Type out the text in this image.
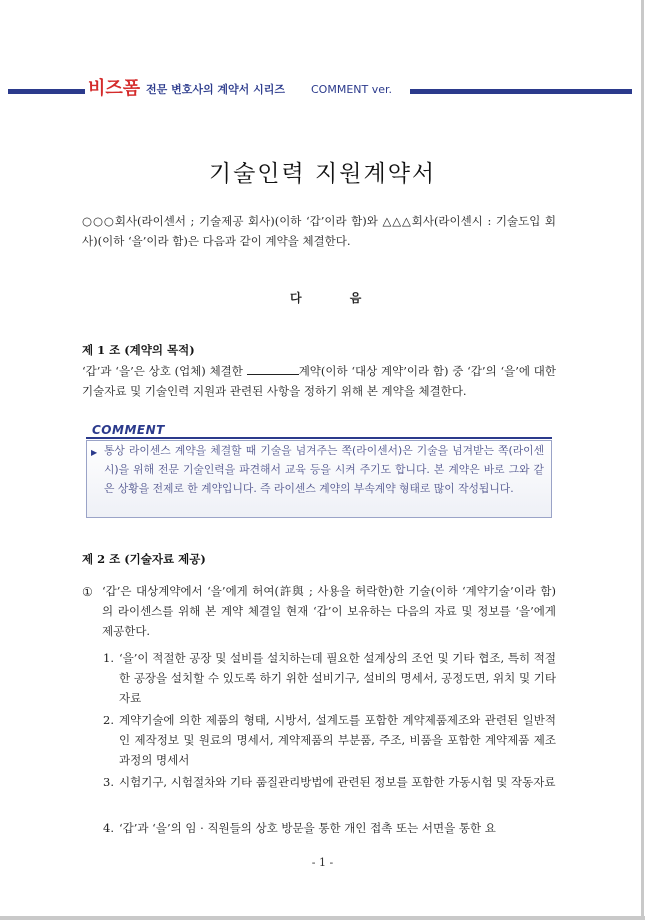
비즈폼 전문 변호사의 계약서 시리즈 COMMENT ver.
기술인력 지원계약서
○○○회사(라이센서 ; 기술제공 회사)(이하 ‘갑’이라 함)와 △△△회사(라이센시 : 기술도입 회사)(이하 ‘을’이라 함)은 다음과 같이 계약을 체결한다.
다 음
제 1 조 (계약의 목적)
‘갑’과 ‘을’은 상호 (업체) 체결한	계약(이하 ‘대상 계약’이라 함) 중 ‘갑’의 ‘을’에 대한 기술자료 및 기술인력 지원과 관련된 사항을 정하기 위해 본 계약을 체결한다.
COMMENT
▶ 통상 라이센스 계약을 체결할 때 기술을 넘겨주는 쪽(라이센서)은 기술을 넘겨받는 쪽(라이센시)을 위해 전문 기술인력을 파견해서 교육 등을 시켜 주기도 합니다. 본 계약은 바로 그와 같은 상황을 전제로 한 계약입니다. 즉 라이센스 계약의 부속계약 형태로 많이 작성됩니다.
제 2 조 (기술자료 제공)
① ‘갑’은 대상계약에서 ‘을’에게 허여(許與 ; 사용을 허락한)한 기술(이하 ‘계약기술’이라 함)의 라이센스를 위해 본 계약 체결일 현재 ‘갑’이 보유하는 다음의 자료 및 정보를 ‘을’에게 제공한다.
1. ‘을’이 적절한 공장 및 설비를 설치하는데 필요한 설계상의 조언 및 기타 협조, 특히 적절한 공장을 설치할 수 있도록 하기 위한 설비기구, 설비의 명세서, 공정도면, 위치 및 기타 자료
2. 계약기술에 의한 제품의 형태, 시방서, 설계도를 포함한 계약제품제조와 관련된 일반적인 제작정보 및 원료의 명세서, 계약제품의 부분품, 주조, 비품을 포함한 계약제품 제조과정의 명세서
3. 시험기구, 시험절차와 기타 품질관리방법에 관련된 정보를 포함한 가동시험 및 작동자료
4. ‘갑’과 ‘을’의 임 · 직원들의 상호 방문을 통한 개인 접촉 또는 서면을 통한 요
- 1 -
